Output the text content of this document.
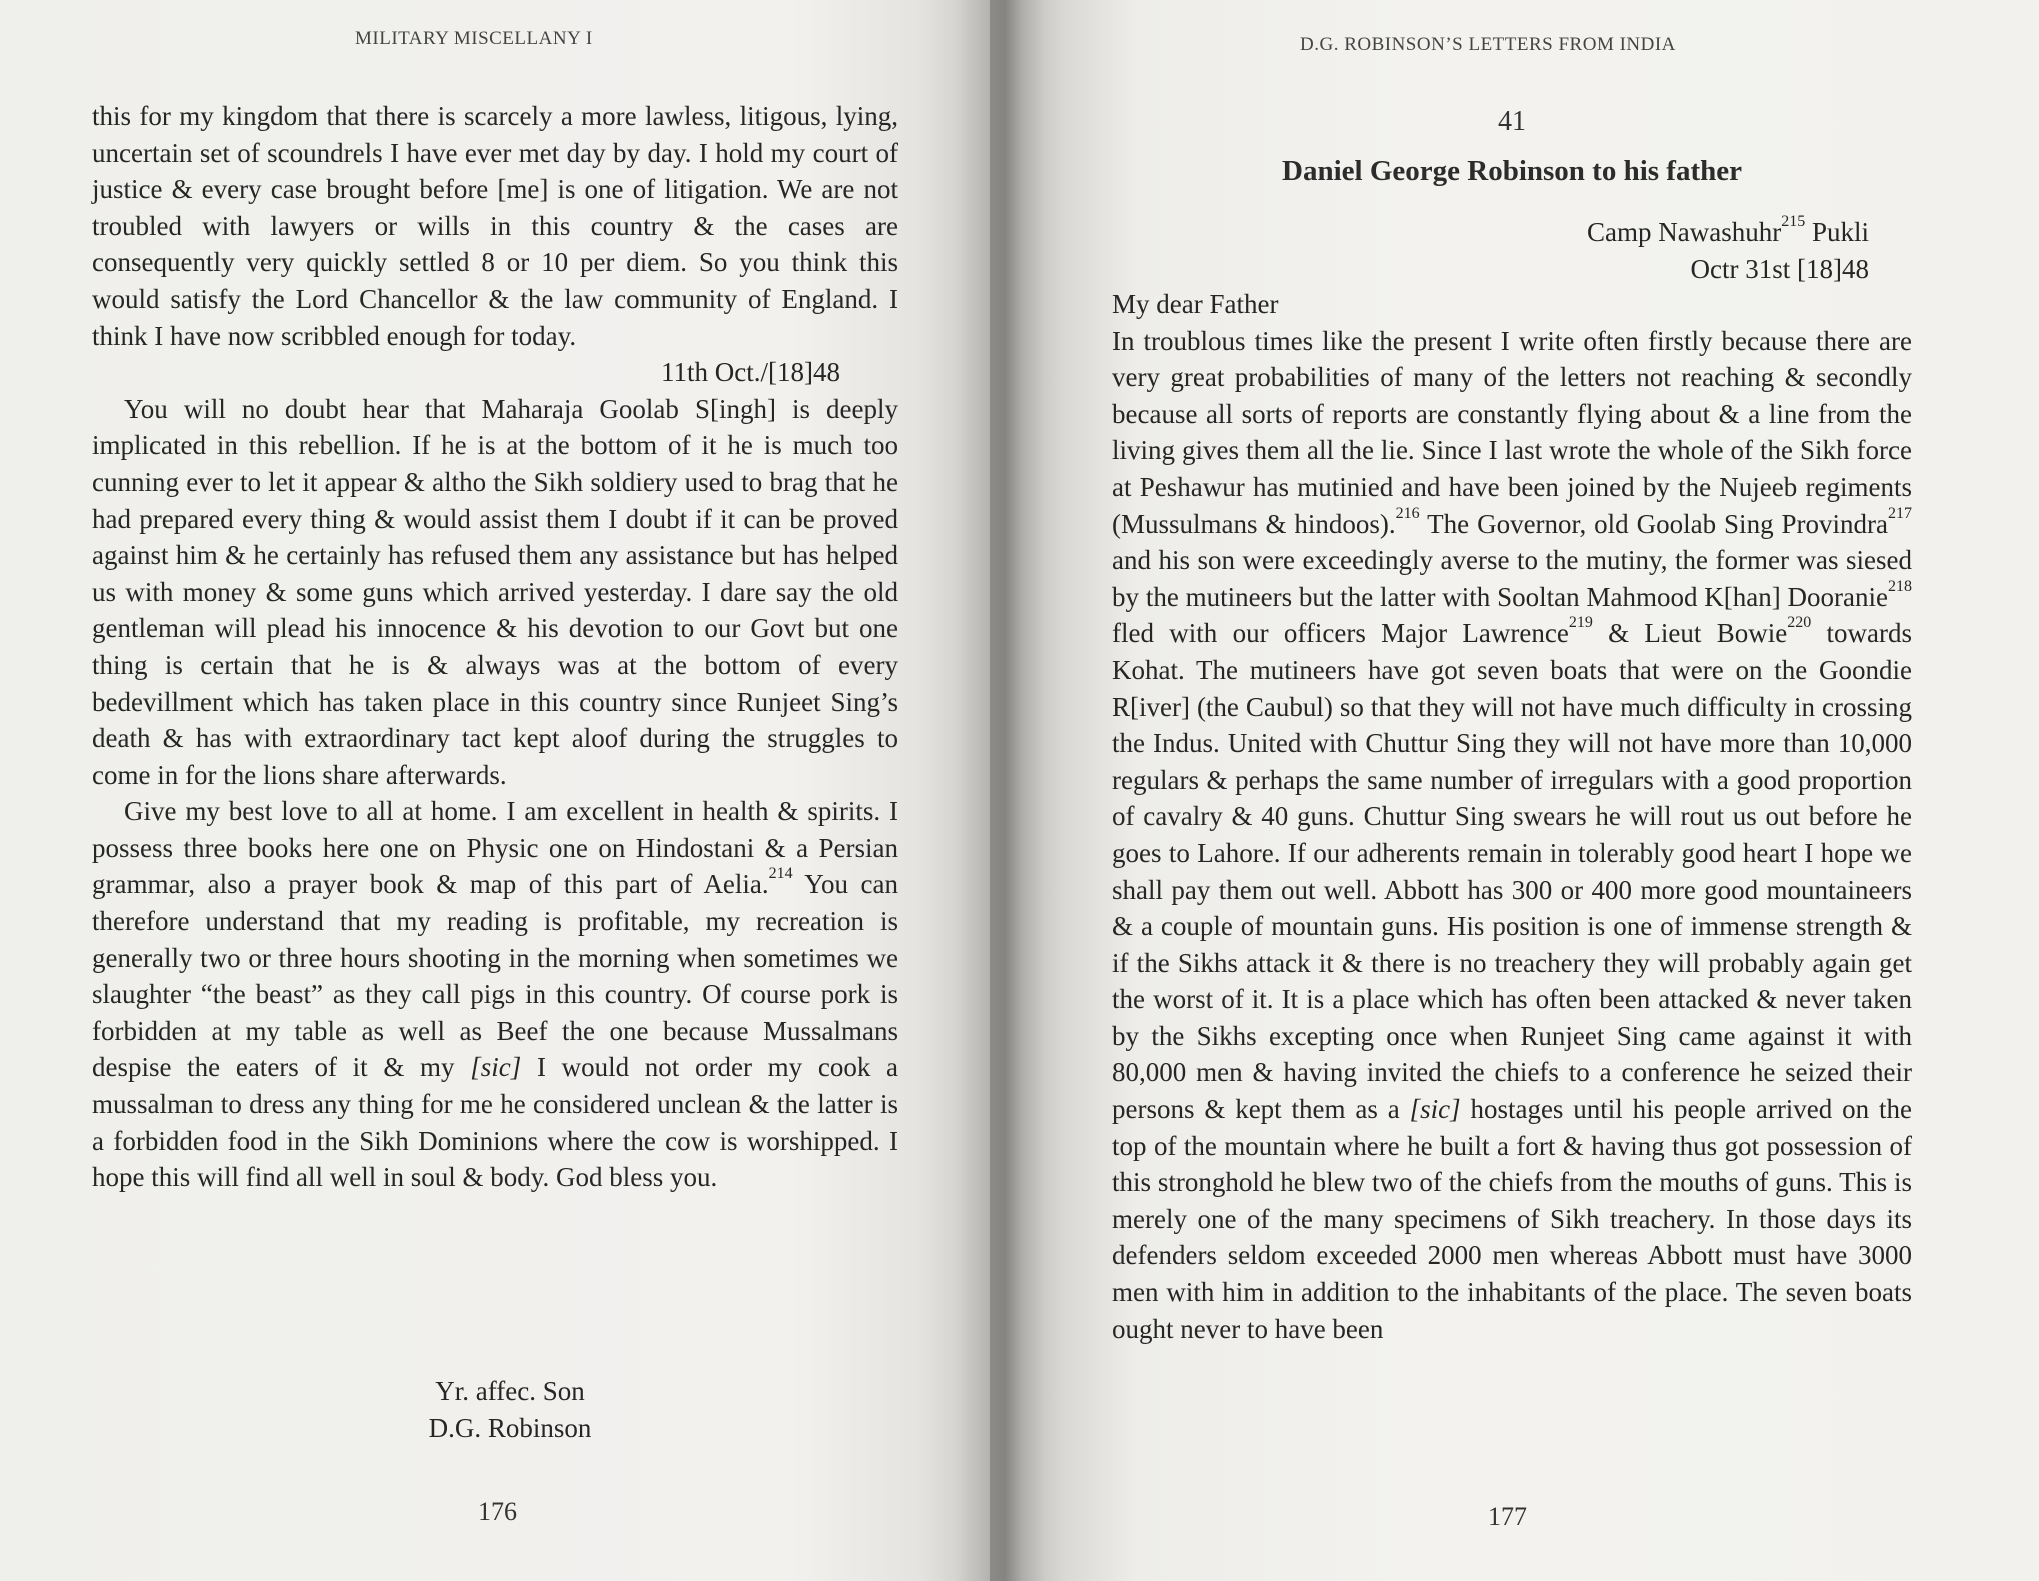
MILITARY MISCELLANY I

this for my kingdom that there is scarcely a more lawless, litigous, lying, uncertain set of scoundrels I have ever met day by day. I hold my court of justice & every case brought before [me] is one of litigation. We are not troubled with lawyers or wills in this country & the cases are consequently very quickly settled 8 or 10 per diem. So you think this would satisfy the Lord Chancellor & the law community of England. I think I have now scribbled enough for today.

11th Oct./[18]48

You will no doubt hear that Maharaja Goolab S[ingh] is deeply implicated in this rebellion. If he is at the bottom of it he is much too cunning ever to let it appear & altho the Sikh soldiery used to brag that he had prepared every thing & would assist them I doubt if it can be proved against him & he certainly has refused them any assistance but has helped us with money & some guns which arrived yesterday. I dare say the old gentleman will plead his innocence & his devotion to our Govt but one thing is certain that he is & always was at the bottom of every bedevillment which has taken place in this country since Runjeet Sing’s death & has with extraordinary tact kept aloof during the struggles to come in for the lions share afterwards.

Give my best love to all at home. I am excellent in health & spirits. I possess three books here one on Physic one on Hindostani & a Persian grammar, also a prayer book & map of this part of Aelia.$^{214}$ You can therefore understand that my reading is profitable, my recreation is generally two or three hours shooting in the morning when sometimes we slaughter “the beast” as they call pigs in this country. Of course pork is forbidden at my table as well as Beef the one because Mussalmans despise the eaters of it & my [sic] I would not order my cook a mussalman to dress any thing for me he considered unclean & the latter is a forbidden food in the Sikh Dominions where the cow is worshipped. I hope this will find all well in soul & body. God bless you.

Yr. affec. Son
D.G. Robinson
176
D.G. ROBINSON’S LETTERS FROM INDIA
41
Daniel George Robinson to his father
Camp Nawashuhr$^{215}$ Pukli
Octr 31st [18]48

My dear Father

In troublous times like the present I write often firstly because there are very great probabilities of many of the letters not reaching & secondly because all sorts of reports are constantly flying about & a line from the living gives them all the lie. Since I last wrote the whole of the Sikh force at Peshawur has mutinied and have been joined by the Nujeeb regiments (Mussulmans & hindoos).$^{216}$ The Governor, old Goolab Sing Provindra$^{217}$ and his son were exceedingly averse to the mutiny, the former was siesed by the mutineers but the latter with Sooltan Mahmood K[han] Dooranie$^{218}$ fled with our officers Major Lawrence$^{219}$ & Lieut Bowie$^{220}$ towards Kohat. The mutineers have got seven boats that were on the Goondie R[iver] (the Caubul) so that they will not have much difficulty in crossing the Indus. United with Chuttur Sing they will not have more than 10,000 regulars & perhaps the same number of irregulars with a good proportion of cavalry & 40 guns. Chuttur Sing swears he will rout us out before he goes to Lahore. If our adherents remain in tolerably good heart I hope we shall pay them out well. Abbott has 300 or 400 more good mountaineers & a couple of mountain guns. His position is one of immense strength & if the Sikhs attack it & there is no treachery they will probably again get the worst of it. It is a place which has often been attacked & never taken by the Sikhs excepting once when Runjeet Sing came against it with 80,000 men & having invited the chiefs to a conference he seized their persons & kept them as a [sic] hostages until his people arrived on the top of the mountain where he built a fort & having thus got possession of this stronghold he blew two of the chiefs from the mouths of guns. This is merely one of the many specimens of Sikh treachery. In those days its defenders seldom exceeded 2000 men whereas Abbott must have 3000 men with him in addition to the inhabitants of the place. The seven boats ought never to have been

177
